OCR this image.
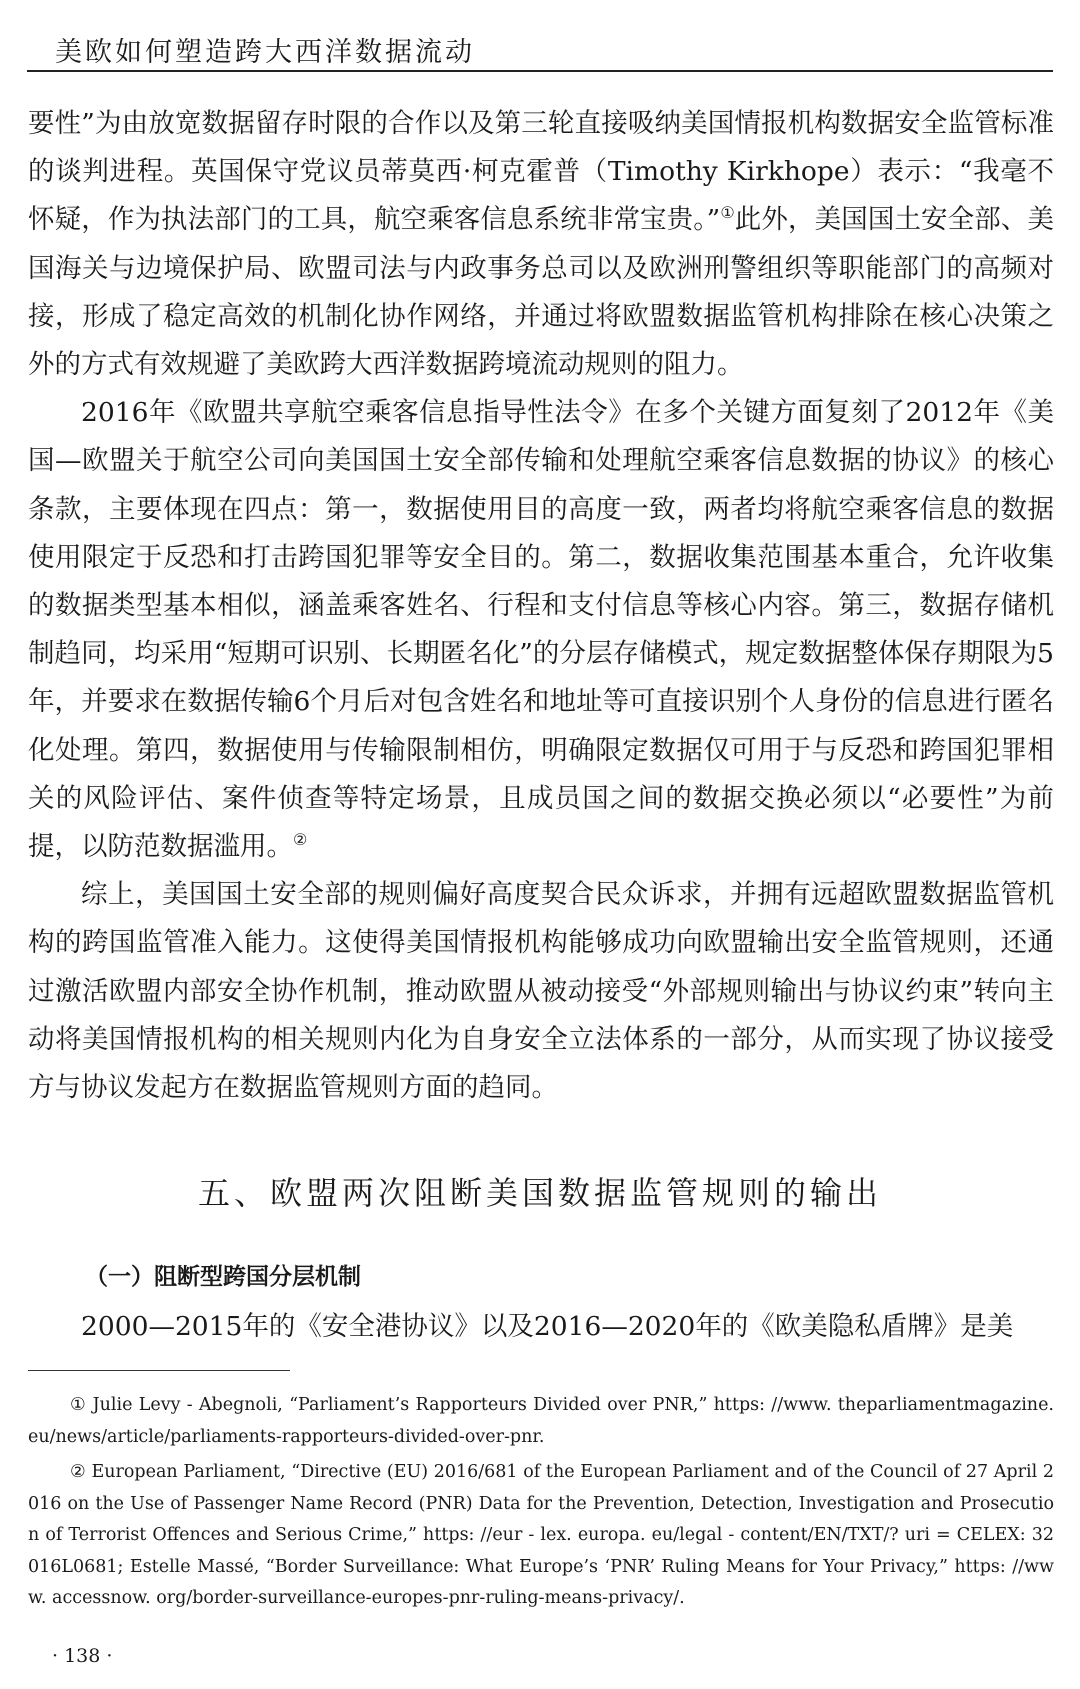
美欧如何塑造跨大西洋数据流动

要性”为由放宽数据留存时限的合作以及第三轮直接吸纳美国情报机构数据安全监管标准的谈判进程。英国保守党议员蒂莫西·柯克霍普（Timothy Kirkhope）表示：“我毫不怀疑，作为执法部门的工具，航空乘客信息系统非常宝贵。”①此外，美国国土安全部、美国海关与边境保护局、欧盟司法与内政事务总司以及欧洲刑警组织等职能部门的高频对接，形成了稳定高效的机制化协作网络，并通过将欧盟数据监管机构排除在核心决策之外的方式有效规避了美欧跨大西洋数据跨境流动规则的阻力。

2016年《欧盟共享航空乘客信息指导性法令》在多个关键方面复刻了2012年《美国—欧盟关于航空公司向美国国土安全部传输和处理航空乘客信息数据的协议》的核心条款，主要体现在四点：第一，数据使用目的高度一致，两者均将航空乘客信息的数据使用限定于反恐和打击跨国犯罪等安全目的。第二，数据收集范围基本重合，允许收集的数据类型基本相似，涵盖乘客姓名、行程和支付信息等核心内容。第三，数据存储机制趋同，均采用“短期可识别、长期匿名化”的分层存储模式，规定数据整体保存期限为5年，并要求在数据传输6个月后对包含姓名和地址等可直接识别个人身份的信息进行匿名化处理。第四，数据使用与传输限制相仿，明确限定数据仅可用于与反恐和跨国犯罪相关的风险评估、案件侦查等特定场景，且成员国之间的数据交换必须以“必要性”为前提，以防范数据滥用。②

综上，美国国土安全部的规则偏好高度契合民众诉求，并拥有远超欧盟数据监管机构的跨国监管准入能力。这使得美国情报机构能够成功向欧盟输出安全监管规则，还通过激活欧盟内部安全协作机制，推动欧盟从被动接受“外部规则输出与协议约束”转向主动将美国情报机构的相关规则内化为自身安全立法体系的一部分，从而实现了协议接受方与协议发起方在数据监管规则方面的趋同。

五、欧盟两次阻断美国数据监管规则的输出
（一）阻断型跨国分层机制
2000—2015年的《安全港协议》以及2016—2020年的《欧美隐私盾牌》是美

① Julie Levy - Abegnoli, “Parliament’s Rapporteurs Divided over PNR,” https: //www. theparliamentmagazine. eu/news/article/parliaments-rapporteurs-divided-over-pnr.

② European Parliament, “Directive (EU) 2016/681 of the European Parliament and of the Council of 27 April 2016 on the Use of Passenger Name Record (PNR) Data for the Prevention, Detection, Investigation and Prosecution of Terrorist Offences and Serious Crime,” https: //eur - lex. europa. eu/legal - content/EN/TXT/? uri = CELEX: 32016L0681; Estelle Massé, “Border Surveillance: What Europe’s ‘PNR’ Ruling Means for Your Privacy,” https: //www. accessnow. org/border-surveillance-europes-pnr-ruling-means-privacy/.

· 138 ·
